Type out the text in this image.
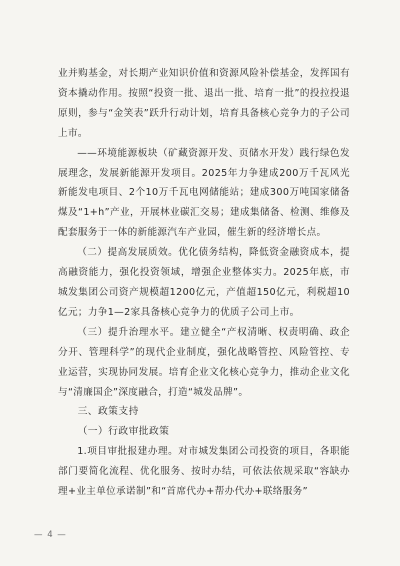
业并购基金，对长期产业知识价值和资源风险补偿基金，发挥国有资本撬动作用。按照“投资一批、退出一批、培育一批”的投拉投退原则，参与“金笑表”跃升行动计划，培育具备核心竞争力的子公司上市。

——环境能源板块（矿藏资源开发、页储水开发）践行绿色发展理念，发展新能源开发项目。2025年力争建成200万千瓦风光新能发电项目、2个10万千瓦电网储能站；建成300万吨国家储备煤及“1+h”产业，开展林业碳汇交易；建成集储备、检测、维修及配套服务于一体的新能源汽车产业园，催生新的经济增长点。

（二）提高发展质效。优化债务结构，降低资金融资成本，提高融资能力，强化投资领域，增强企业整体实力。2025年底，市城发集团公司资产规模超1200亿元，产值超150亿元，利税超10亿元；力争1—2家具备核心竞争力的优质子公司上市。

（三）提升治理水平。建立健全“产权清晰、权责明确、政企分开、管理科学”的现代企业制度，强化战略管控、风险管控、专业运营，实现协同发展。培育企业文化核心竞争力，推动企业文化与“清廉国企”深度融合，打造“城发品牌”。

三、政策支持

（一）行政审批政策

1.项目审批报建办理。对市城发集团公司投资的项目，各职能部门要简化流程、优化服务、按时办结，可依法依规采取“容缺办理+业主单位承诺制”和“首席代办+帮办代办+联络服务”

— 4 —
